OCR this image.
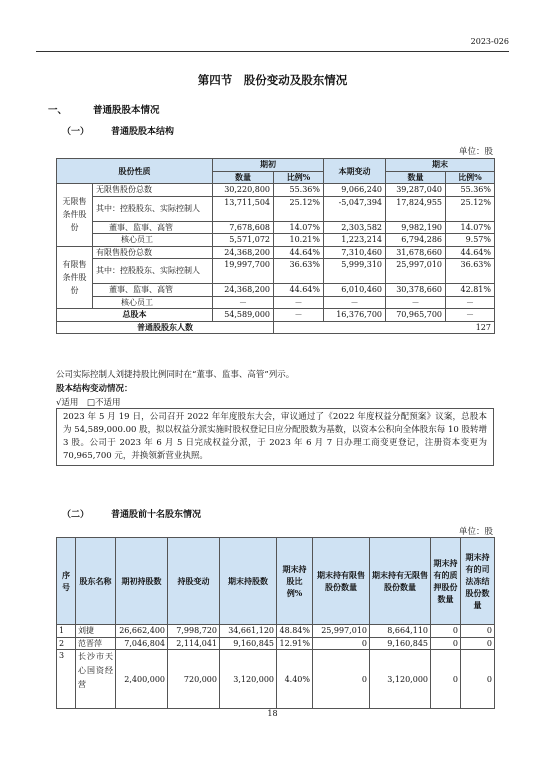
2023-026
第四节　股份变动及股东情况
一、	普通股股本情况
（一） 普通股股本结构
单位：股
股份性质		期初		本期变动	期末	
		数量	比例%		数量	比例%
无限售条件股份	无限售股份总数	30,220,800	55.36%	9,066,240	39,287,040	55.36%
	其中：控股股东、实际控制人	13,711,504	25.12%	-5,047,394	17,824,955	25.12%

	董事、监事、高管	7,678,608	14.07%	2,303,582	9,982,190	14.07%
	核心员工	5,571,072	10.21%	1,223,214	6,794,286	9.57%
有限售条件股份	有限售股份总数	24,368,200	44.64%	7,310,460	31,678,660	44.64%
	其中：控股股东、实际控制人	19,997,700	36.63%	5,999,310	25,997,010	36.63%

	董事、监事、高管	24,368,200	44.64%	6,010,460	30,378,660	42.81%
	核心员工	－	－	－	－	－
总股本		54,589,000	－	16,376,700	70,965,700	－
普通股股东人数			127			
公司实际控制人刘捷持股比例同时在“董事、监事、高管”列示。
股本结构变动情况：
√适用　□不适用
2023 年 5 月 19 日，公司召开 2022 年年度股东大会，审议通过了《2022 年度权益分配预案》议案，总股本为 54,589,000.00 股，拟以权益分派实施时股权登记日应分配股数为基数，以资本公积向全体股东每 10 股转增 3 股。公司于 2023 年 6 月 5 日完成权益分派，于 2023 年 6 月 7 日办理工商变更登记，注册资本变更为 70,965,700 元，并换领新营业执照。
（二） 普通股前十名股东情况
单位：股
序号	股东名称	期初持股数	持股变动	期末持股数	期末持股比例%	期末持有限售股份数量	期末持有无限售股份数量	期末持有的质押股份数量	期末持有的司法冻结股份数量
1	刘捷	26,662,400	7,998,720	34,661,120	48.84%	25,997,010	8,664,110	0	0
2	范晋萍	7,046,804	2,114,041	9,160,845	12.91%	0	9,160,845	0	0
3	长沙市天心国资经营	2,400,000	720,000	3,120,000	4.40%	0	3,120,000	0	0
18
